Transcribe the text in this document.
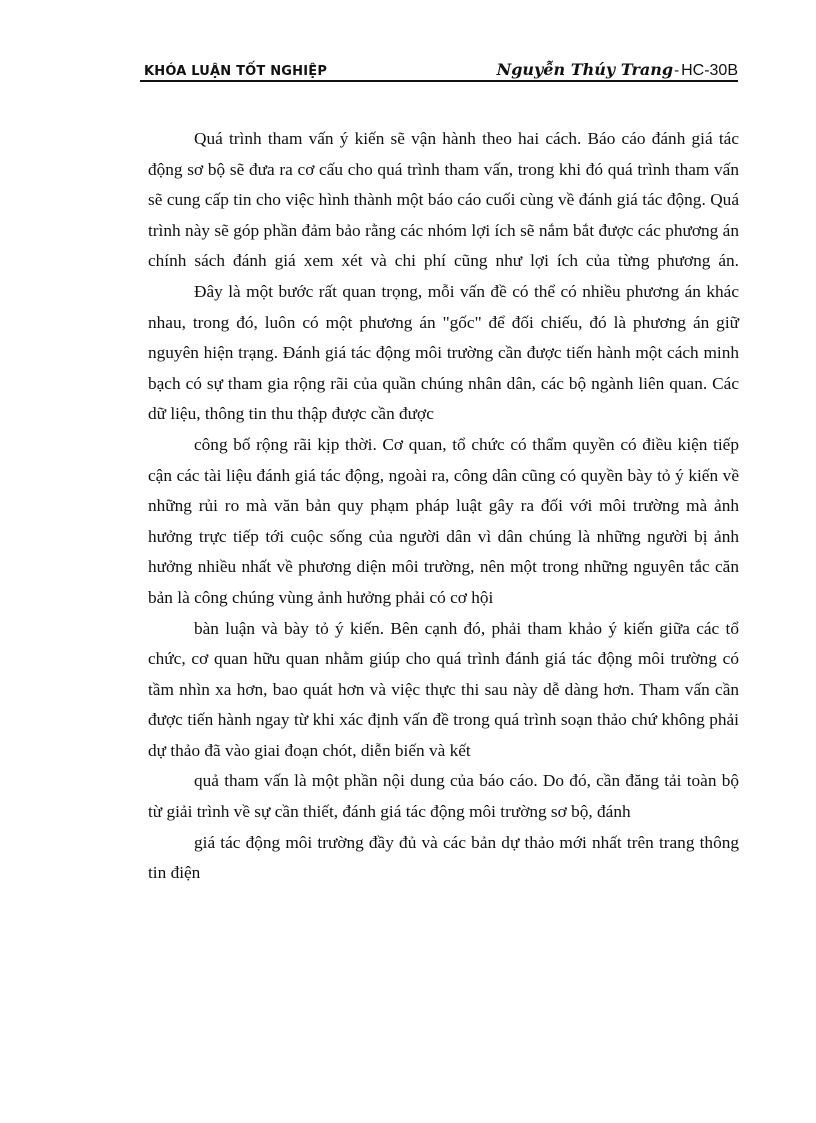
KHÓA LUẬN TỐT NGHIỆP	Nguyễn Thúy Trang- HC-30B

Quá trình tham vấn ý kiến sẽ vận hành theo hai cách. Báo cáo đánh giá tác động sơ bộ sẽ đưa ra cơ cấu cho quá trình tham vấn, trong khi đó quá trình tham vấn sẽ cung cấp tin cho việc hình thành một báo cáo cuối cùng về đánh giá tác động. Quá trình này sẽ góp phần đảm bảo rằng các nhóm lợi ích sẽ nắm bắt được các phương án chính sách đánh giá xem xét và chi phí cũng như lợi ích của từng phương án.

Đây là một bước rất quan trọng, mỗi vấn đề có thể có nhiều phương án khác nhau, trong đó, luôn có một phương án "gốc" để đối chiếu, đó là phương án giữ nguyên hiện trạng. Đánh giá tác động môi trường cần được tiến hành một cách minh bạch có sự tham gia rộng rãi của quần chúng nhân dân, các bộ ngành liên quan. Các dữ liệu, thông tin thu thập được cần được

công bố rộng rãi kịp thời. Cơ quan, tổ chức có thẩm quyền có điều kiện tiếp cận các tài liệu đánh giá tác động, ngoài ra, công dân cũng có quyền bày tỏ ý kiến về những rủi ro mà văn bản quy phạm pháp luật gây ra đối với môi trường mà ảnh hưởng trực tiếp tới cuộc sống của người dân vì dân chúng là những người bị ảnh hưởng nhiều nhất về phương diện môi trường, nên một trong những nguyên tắc căn bản là công chúng vùng ảnh hưởng phải có cơ hội

bàn luận và bày tỏ ý kiến. Bên cạnh đó, phải tham khảo ý kiến giữa các tổ chức, cơ quan hữu quan nhằm giúp cho quá trình đánh giá tác động môi trường có tầm nhìn xa hơn, bao quát hơn và việc thực thi sau này dễ dàng hơn. Tham vấn cần được tiến hành ngay từ khi xác định vấn đề trong quá trình soạn thảo chứ không phải dự thảo đã vào giai đoạn chót, diễn biến và kết

quả tham vấn là một phần nội dung của báo cáo. Do đó, cần đăng tải toàn bộ từ giải trình về sự cần thiết, đánh giá tác động môi trường sơ bộ, đánh

giá tác động môi trường đầy đủ và các bản dự thảo mới nhất trên trang thông tin điện
